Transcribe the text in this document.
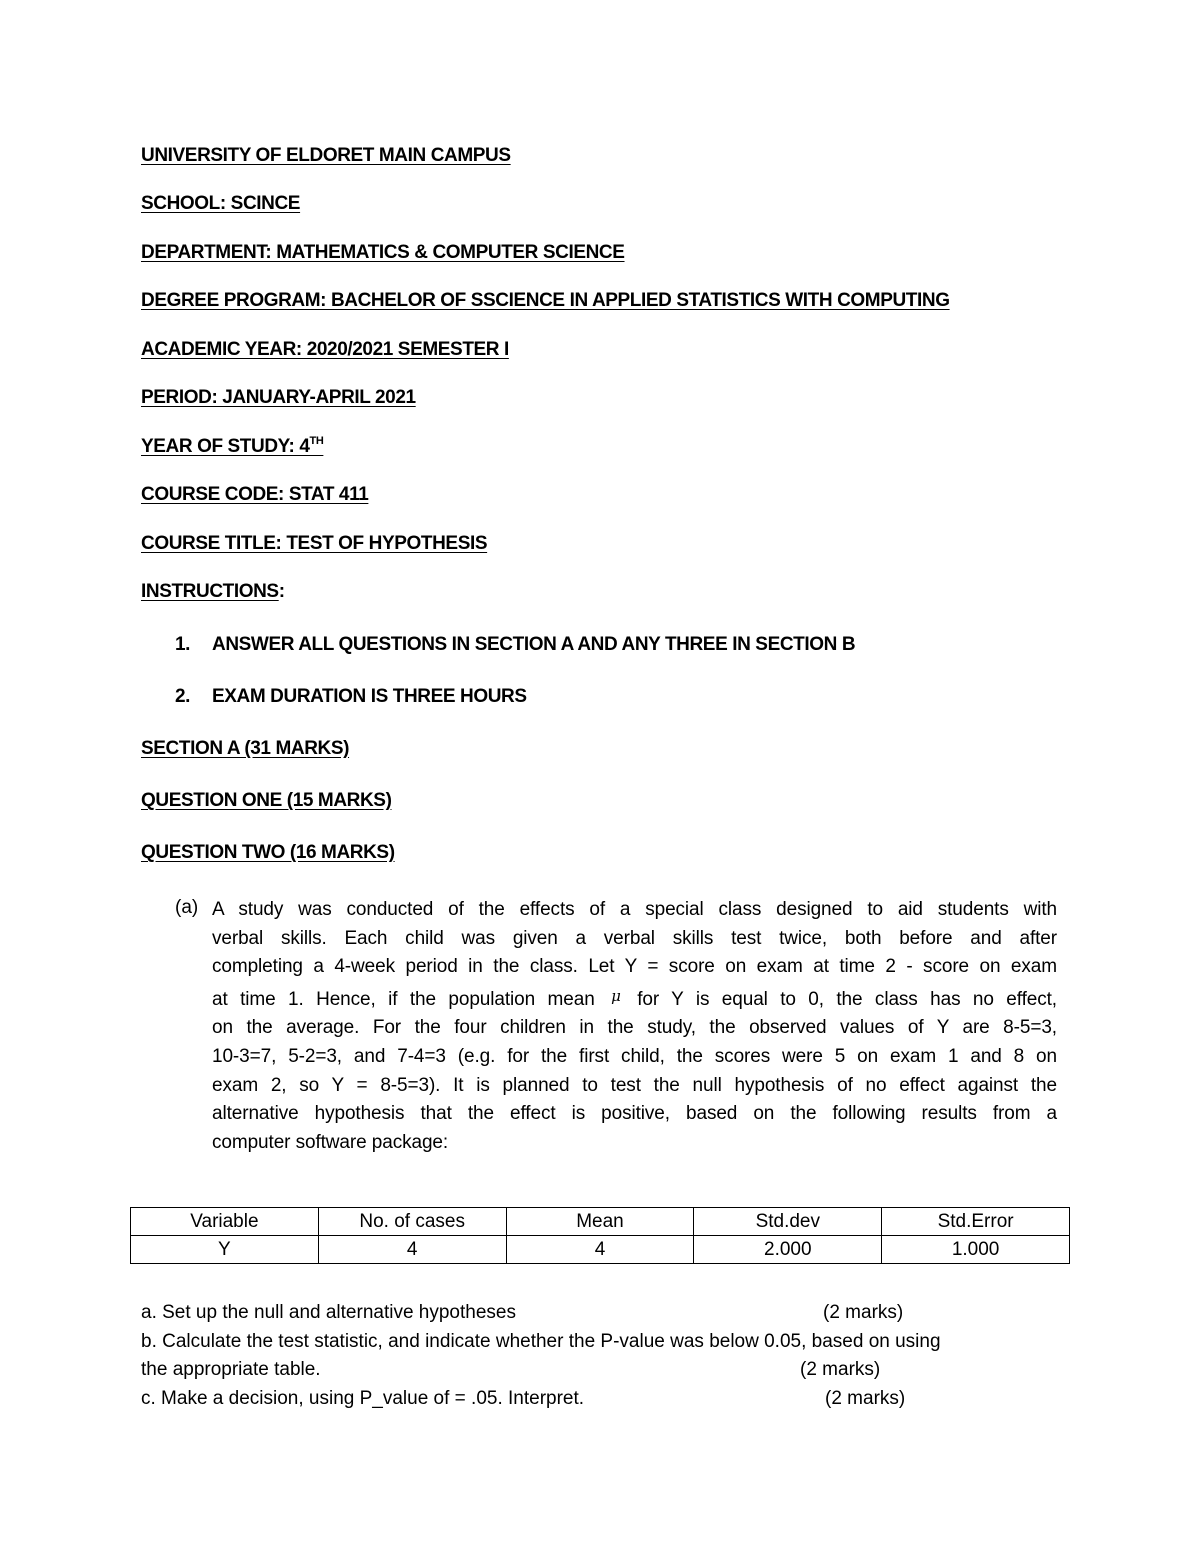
UNIVERSITY OF ELDORET MAIN CAMPUS
SCHOOL: SCINCE
DEPARTMENT: MATHEMATICS & COMPUTER SCIENCE
DEGREE PROGRAM: BACHELOR OF SSCIENCE IN APPLIED STATISTICS WITH COMPUTING
ACADEMIC YEAR: 2020/2021 SEMESTER I
PERIOD: JANUARY-APRIL 2021
YEAR OF STUDY: 4TH
COURSE CODE: STAT 411
COURSE TITLE: TEST OF HYPOTHESIS
INSTRUCTIONS:
1. ANSWER ALL QUESTIONS IN SECTION A AND ANY THREE IN SECTION B
2. EXAM DURATION IS THREE HOURS
SECTION A (31 MARKS)
QUESTION ONE (15 MARKS)
QUESTION TWO (16 MARKS)
(a) A study was conducted of the effects of a special class designed to aid students with
verbal skills. Each child was given a verbal skills test twice, both before and after
completing a 4-week period in the class. Let Y = score on exam at time 2 - score on exam
at time 1. Hence, if the population mean $^\mu$ for Y is equal to 0, the class has no effect,
on the average. For the four children in the study, the observed values of Y are 8-5=3,
10-3=7, 5-2=3, and 7-4=3 (e.g. for the first child, the scores were 5 on exam 1 and 8 on
exam 2, so Y = 8-5=3). It is planned to test the null hypothesis of no effect against the
alternative hypothesis that the effect is positive, based on the following results from a
computer software package:
Variable	No. of cases	Mean	Std.dev	Std.Error
Y	4	4	2.000	1.000
a. Set up the null and alternative hypotheses	(2 marks)
b. Calculate the test statistic, and indicate whether the P-value was below 0.05, based on using
the appropriate table.	(2 marks)
c. Make a decision, using P_value of = .05. Interpret.	(2 marks)
